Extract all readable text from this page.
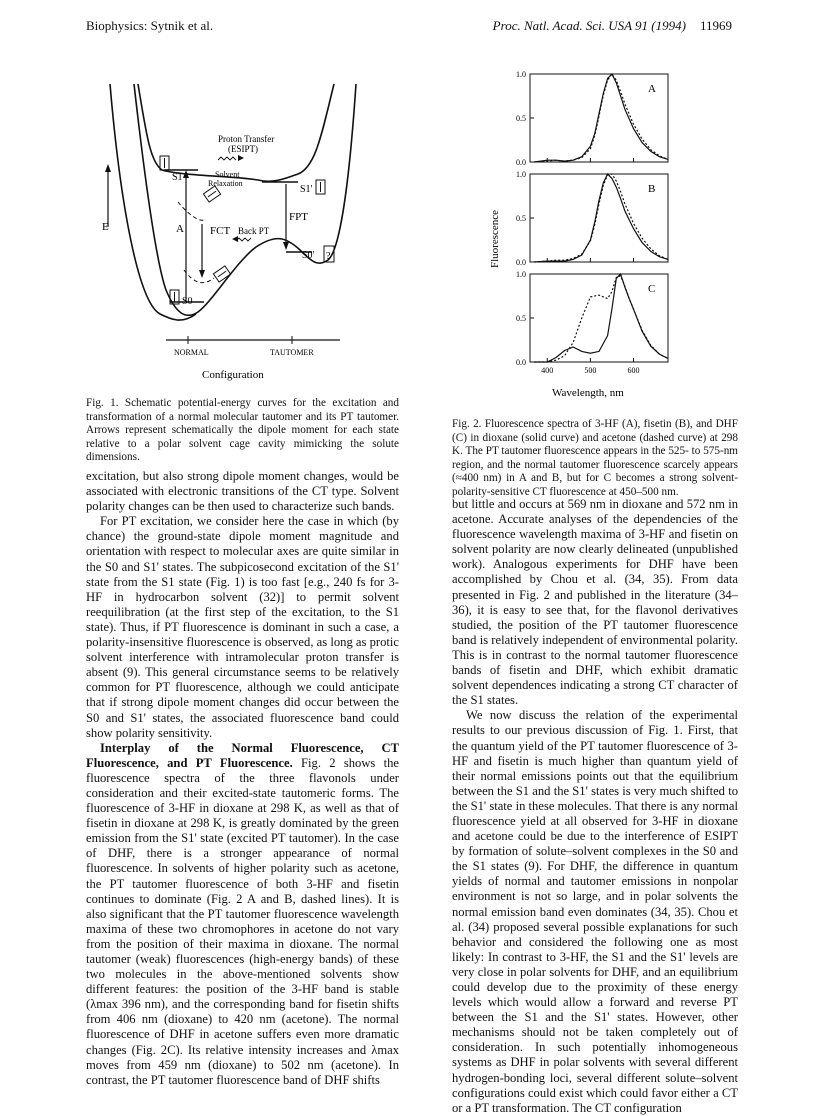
Biophysics: Sytnik et al.	Proc. Natl. Acad. Sci. USA 91 (1994) 11969
Proton Transfer
(ESIPT)
Solvent
Relaxation
S1
S1'
S0
S0' ?
E	A FCT
FPT
Back PT
NORMAL	TAUTOMER
Configuration
Fluorescence
Wavelength, nm
0.0
0.5
1.0
A
0.0
0.5
1.0
B
0.0
0.5
1.0
C
400	500	600
Fig. 1. Schematic potential-energy curves for the excitation and transformation of a normal molecular tautomer and its PT tautomer. Arrows represent schematically the dipole moment for each state relative to a polar solvent cage cavity mimicking the solute dimensions.
Fig. 2. Fluorescence spectra of 3-HF (A), fisetin (B), and DHF (C) in dioxane (solid curve) and acetone (dashed curve) at 298 K. The PT tautomer fluorescence appears in the 525- to 575-nm region, and the normal tautomer fluorescence scarcely appears (≈400 nm) in A and B, but for C becomes a strong solvent-polarity-sensitive CT fluorescence at 450–500 nm.

excitation, but also strong dipole moment changes, would be associated with electronic transitions of the CT type. Solvent polarity changes can be then used to characterize such bands.

For PT excitation, we consider here the case in which (by chance) the ground-state dipole moment magnitude and orientation with respect to molecular axes are quite similar in the S0 and S1' states. The subpicosecond excitation of the S1' state from the S1 state (Fig. 1) is too fast [e.g., 240 fs for 3-HF in hydrocarbon solvent (32)] to permit solvent reequilibration (at the first step of the excitation, to the S1 state). Thus, if PT fluorescence is dominant in such a case, a polarity-insensitive fluorescence is observed, as long as protic solvent interference with intramolecular proton transfer is absent (9). This general circumstance seems to be relatively common for PT fluorescence, although we could anticipate that if strong dipole moment changes did occur between the S0 and S1' states, the associated fluorescence band could show polarity sensitivity.

Interplay of the Normal Fluorescence, CT Fluorescence, and PT Fluorescence. Fig. 2 shows the fluorescence spectra of the three flavonols under consideration and their excited-state tautomeric forms. The fluorescence of 3-HF in dioxane at 298 K, as well as that of fisetin in dioxane at 298 K, is greatly dominated by the green emission from the S1' state (excited PT tautomer). In the case of DHF, there is a stronger appearance of normal fluorescence. In solvents of higher polarity such as acetone, the PT tautomer fluorescence of both 3-HF and fisetin continues to dominate (Fig. 2 A and B, dashed lines). It is also significant that the PT tautomer fluorescence wavelength maxima of these two chromophores in acetone do not vary from the position of their maxima in dioxane. The normal tautomer (weak) fluorescences (high-energy bands) of these two molecules in the above-mentioned solvents show different features: the position of the 3-HF band is stable (λmax 396 nm), and the corresponding band for fisetin shifts from 406 nm (dioxane) to 420 nm (acetone). The normal fluorescence of DHF in acetone suffers even more dramatic changes (Fig. 2C). Its relative intensity increases and λmax moves from 459 nm (dioxane) to 502 nm (acetone). In contrast, the PT tautomer fluorescence band of DHF shifts

but little and occurs at 569 nm in dioxane and 572 nm in acetone. Accurate analyses of the dependencies of the fluorescence wavelength maxima of 3-HF and fisetin on solvent polarity are now clearly delineated (unpublished work). Analogous experiments for DHF have been accomplished by Chou et al. (34, 35). From data presented in Fig. 2 and published in the literature (34–36), it is easy to see that, for the flavonol derivatives studied, the position of the PT tautomer fluorescence band is relatively independent of environmental polarity. This is in contrast to the normal tautomer fluorescence bands of fisetin and DHF, which exhibit dramatic solvent dependences indicating a strong CT character of the S1 states.

We now discuss the relation of the experimental results to our previous discussion of Fig. 1. First, that the quantum yield of the PT tautomer fluorescence of 3-HF and fisetin is much higher than quantum yield of their normal emissions points out that the equilibrium between the S1 and the S1' states is very much shifted to the S1' state in these molecules. That there is any normal fluorescence yield at all observed for 3-HF in dioxane and acetone could be due to the interference of ESIPT by formation of solute–solvent complexes in the S0 and the S1 states (9). For DHF, the difference in quantum yields of normal and tautomer emissions in nonpolar environment is not so large, and in polar solvents the normal emission band even dominates (34, 35). Chou et al. (34) proposed several possible explanations for such behavior and considered the following one as most likely: In contrast to 3-HF, the S1 and the S1' levels are very close in polar solvents for DHF, and an equilibrium could develop due to the proximity of these energy levels which would allow a forward and reverse PT between the S1 and the S1' states. However, other mechanisms should not be taken completely out of consideration. In such potentially inhomogeneous systems as DHF in polar solvents with several different hydrogen-bonding loci, several different solute–solvent configurations could exist which could favor either a CT or a PT transformation. The CT configuration
